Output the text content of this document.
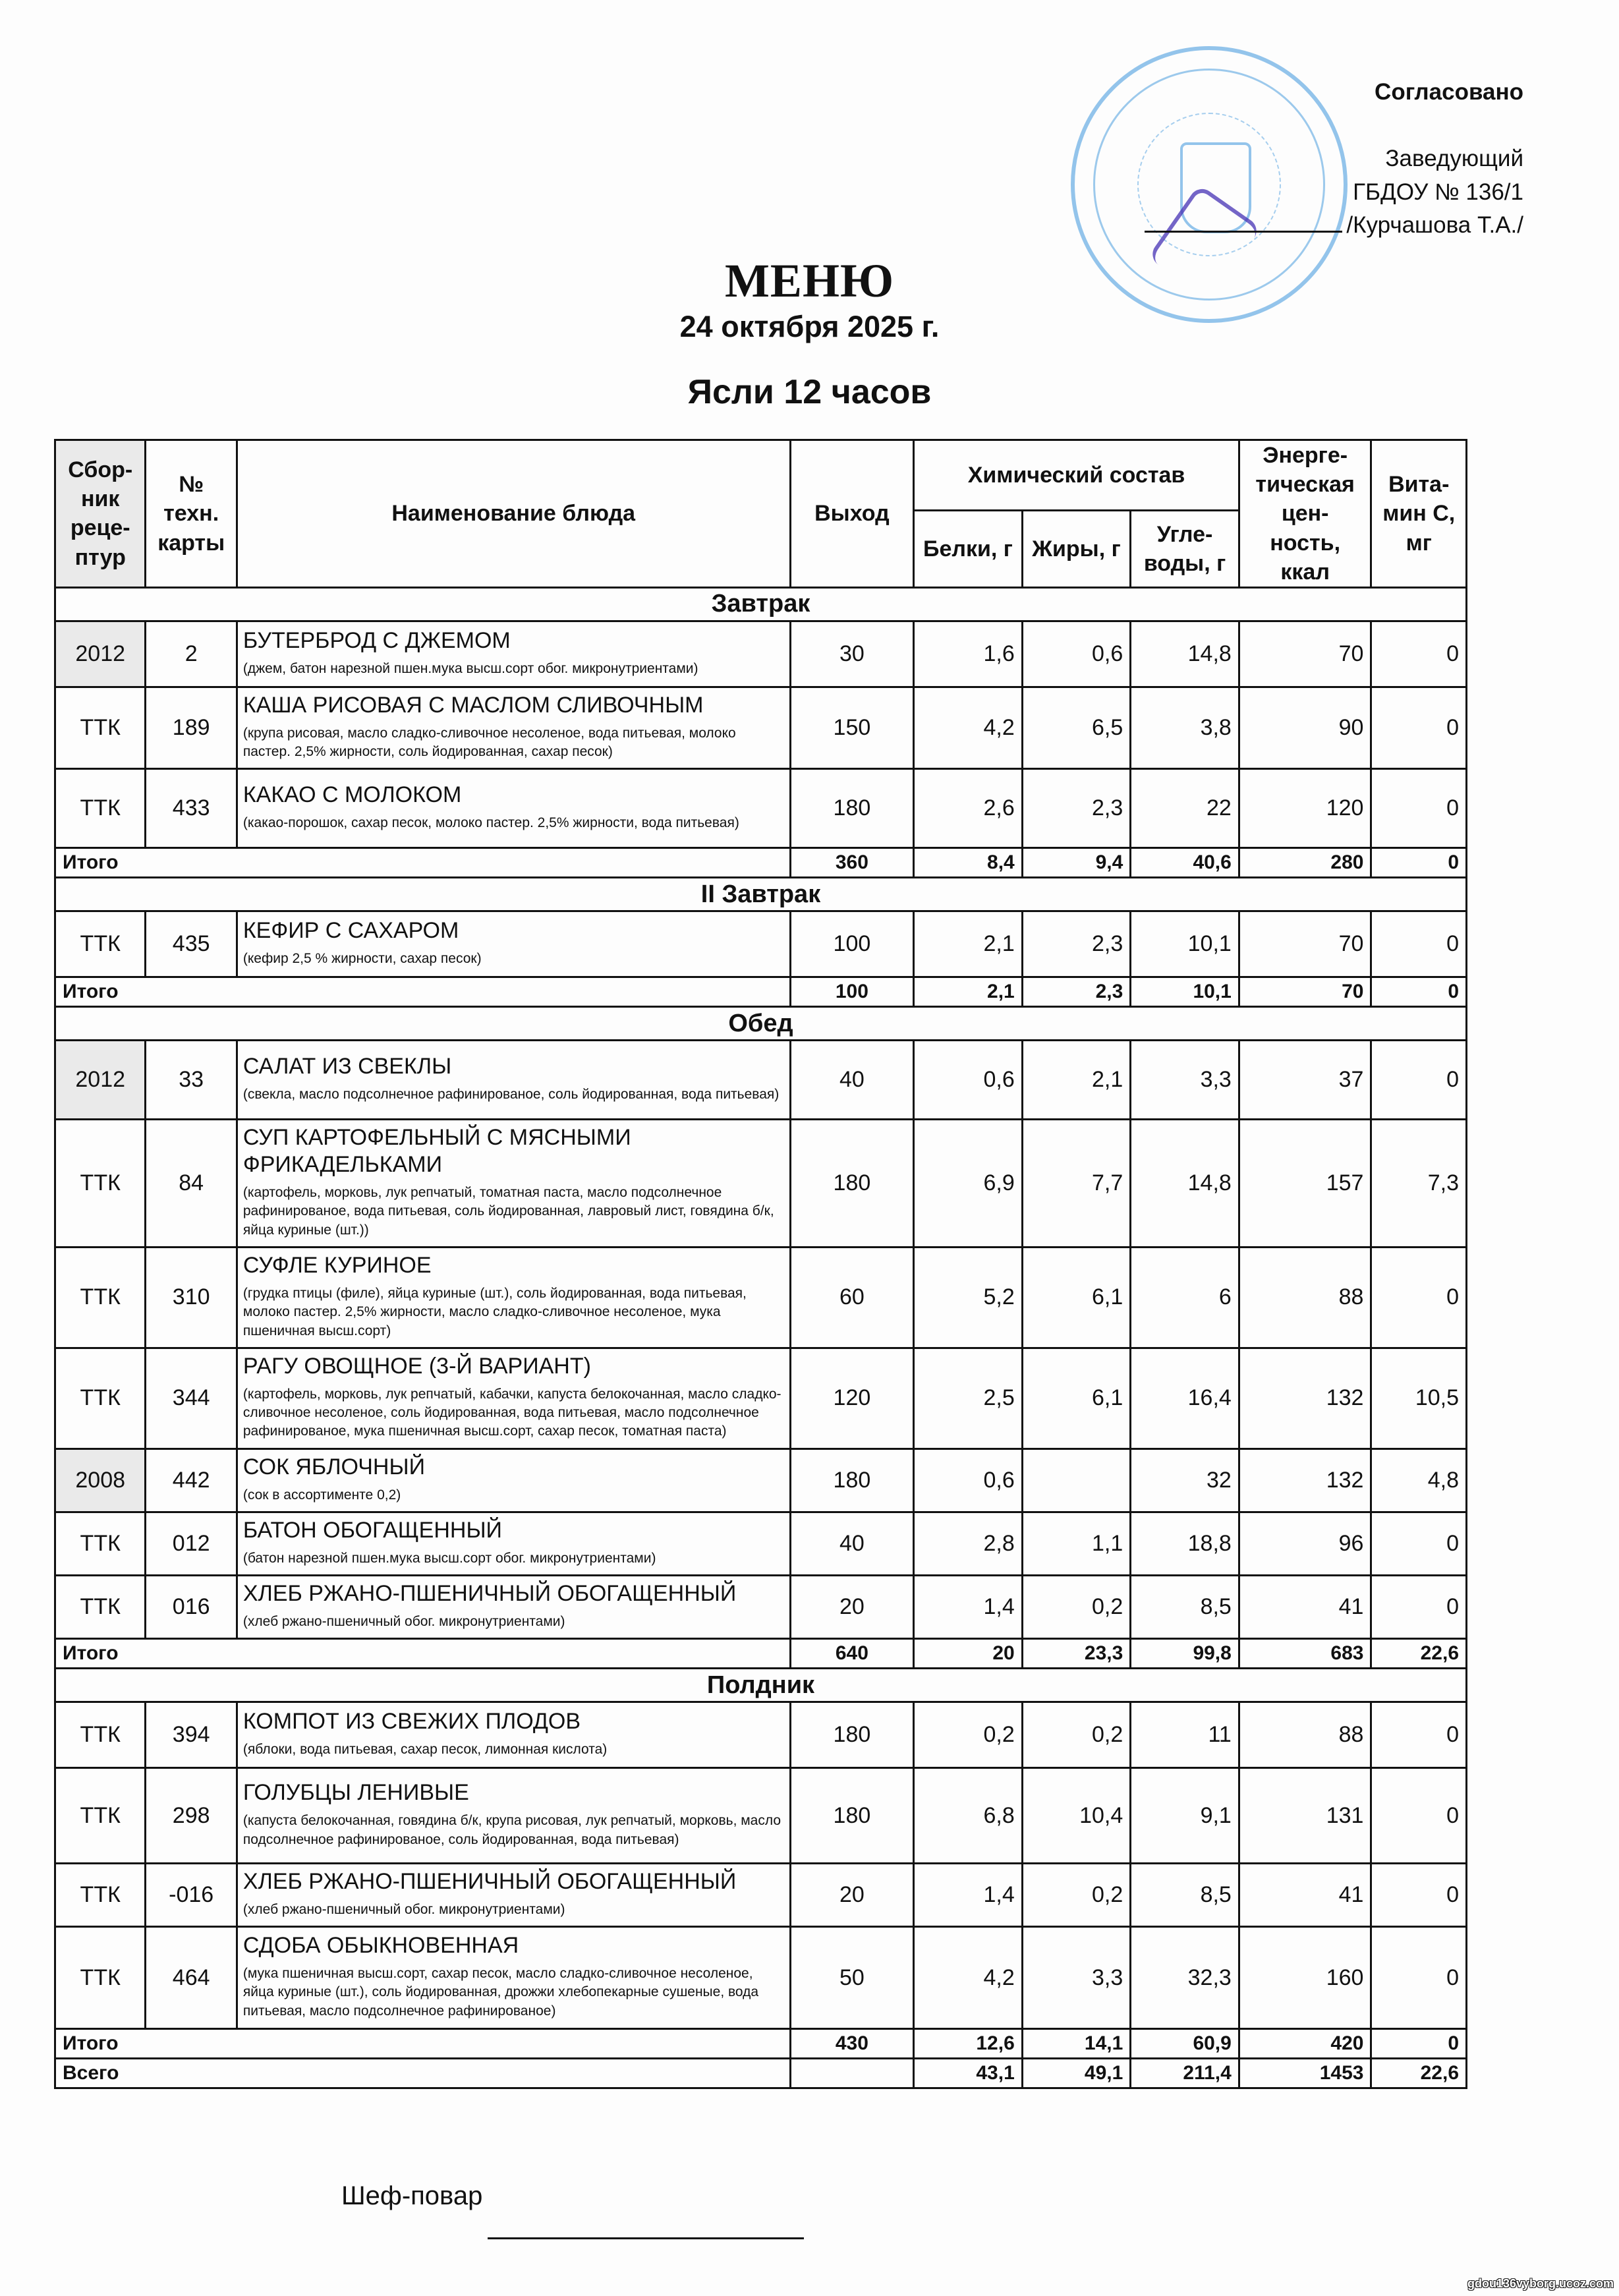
Согласовано
Заведующий
ГБДОУ № 136/1
/Курчашова Т.А./
МЕНЮ
24 октября 2025 г.
Ясли 12 часов
Сбор-ник реце-птур	№ техн. карты	Наименование блюда	Выход	Химический состав			Энерге-тическая цен-ность, ккал	Вита-мин С, мг
				Белки, г	Жиры, г	Угле-воды, г		
Завтрак								
2012	2	БУТЕРБРОД С ДЖЕМОМ
(джем, батон нарезной пшен.мука высш.сорт обог. микронутриентами)	30	1,6	0,6	14,8	70	0
ТТК	189	КАША РИСОВАЯ С МАСЛОМ СЛИВОЧНЫМ
(крупа рисовая, масло сладко-сливочное несоленое, вода питьевая, молоко пастер. 2,5% жирности, соль йодированная, сахар песок)	150	4,2	6,5	3,8	90	0
ТТК	433	КАКАО С МОЛОКОМ
(какао-порошок, сахар песок, молоко пастер. 2,5% жирности, вода питьевая)	180	2,6	2,3	22	120	0
Итого			360	8,4	9,4	40,6	280	0
II Завтрак								
ТТК	435	КЕФИР С САХАРОМ
(кефир 2,5 % жирности, сахар песок)	100	2,1	2,3	10,1	70	0
Итого			100	2,1	2,3	10,1	70	0
Обед								
2012	33	САЛАТ ИЗ СВЕКЛЫ
(свекла, масло подсолнечное рафинированое, соль йодированная, вода питьевая)	40	0,6	2,1	3,3	37	0
ТТК	84	СУП КАРТОФЕЛЬНЫЙ С МЯСНЫМИ ФРИКАДЕЛЬКАМИ
(картофель, морковь, лук репчатый, томатная паста, масло подсолнечное рафинированое, вода питьевая, соль йодированная, лавровый лист, говядина б/к, яйца куриные (шт.))	180	6,9	7,7	14,8	157	7,3
ТТК	310	СУФЛЕ КУРИНОЕ
(грудка птицы (филе), яйца куриные (шт.), соль йодированная, вода питьевая, молоко пастер. 2,5% жирности, масло сладко-сливочное несоленое, мука пшеничная высш.сорт)	60	5,2	6,1	6	88	0
ТТК	344	РАГУ ОВОЩНОЕ (3-Й ВАРИАНТ)
(картофель, морковь, лук репчатый, кабачки, капуста белокочанная, масло сладко-сливочное несоленое, соль йодированная, вода питьевая, масло подсолнечное рафинированое, мука пшеничная высш.сорт, сахар песок, томатная паста)	120	2,5	6,1	16,4	132	10,5
2008	442	СОК ЯБЛОЧНЫЙ
(сок в ассортименте 0,2)	180	0,6		32	132	4,8
ТТК	012	БАТОН ОБОГАЩЕННЫЙ
(батон нарезной пшен.мука высш.сорт обог. микронутриентами)	40	2,8	1,1	18,8	96	0
ТТК	016	ХЛЕБ РЖАНО-ПШЕНИЧНЫЙ ОБОГАЩЕННЫЙ
(хлеб ржано-пшеничный обог. микронутриентами)	20	1,4	0,2	8,5	41	0
Итого			640	20	23,3	99,8	683	22,6
Полдник								
ТТК	394	КОМПОТ ИЗ СВЕЖИХ ПЛОДОВ
(яблоки, вода питьевая, сахар песок, лимонная кислота)	180	0,2	0,2	11	88	0
ТТК	298	ГОЛУБЦЫ ЛЕНИВЫЕ
(капуста белокочанная, говядина б/к, крупа рисовая, лук репчатый, морковь, масло подсолнечное рафинированое, соль йодированная, вода питьевая)	180	6,8	10,4	9,1	131	0
ТТК	-016	ХЛЕБ РЖАНО-ПШЕНИЧНЫЙ ОБОГАЩЕННЫЙ
(хлеб ржано-пшеничный обог. микронутриентами)	20	1,4	0,2	8,5	41	0
ТТК	464	СДОБА ОБЫКНОВЕННАЯ
(мука пшеничная высш.сорт, сахар песок, масло сладко-сливочное несоленое, яйца куриные (шт.), соль йодированная, дрожжи хлебопекарные сушеные, вода питьевая, масло подсолнечное рафинированое)	50	4,2	3,3	32,3	160	0
Итого			430	12,6	14,1	60,9	420	0
Всего				43,1	49,1	211,4	1453	22,6
Шеф-повар
gdou136vyborg.ucoz.com
